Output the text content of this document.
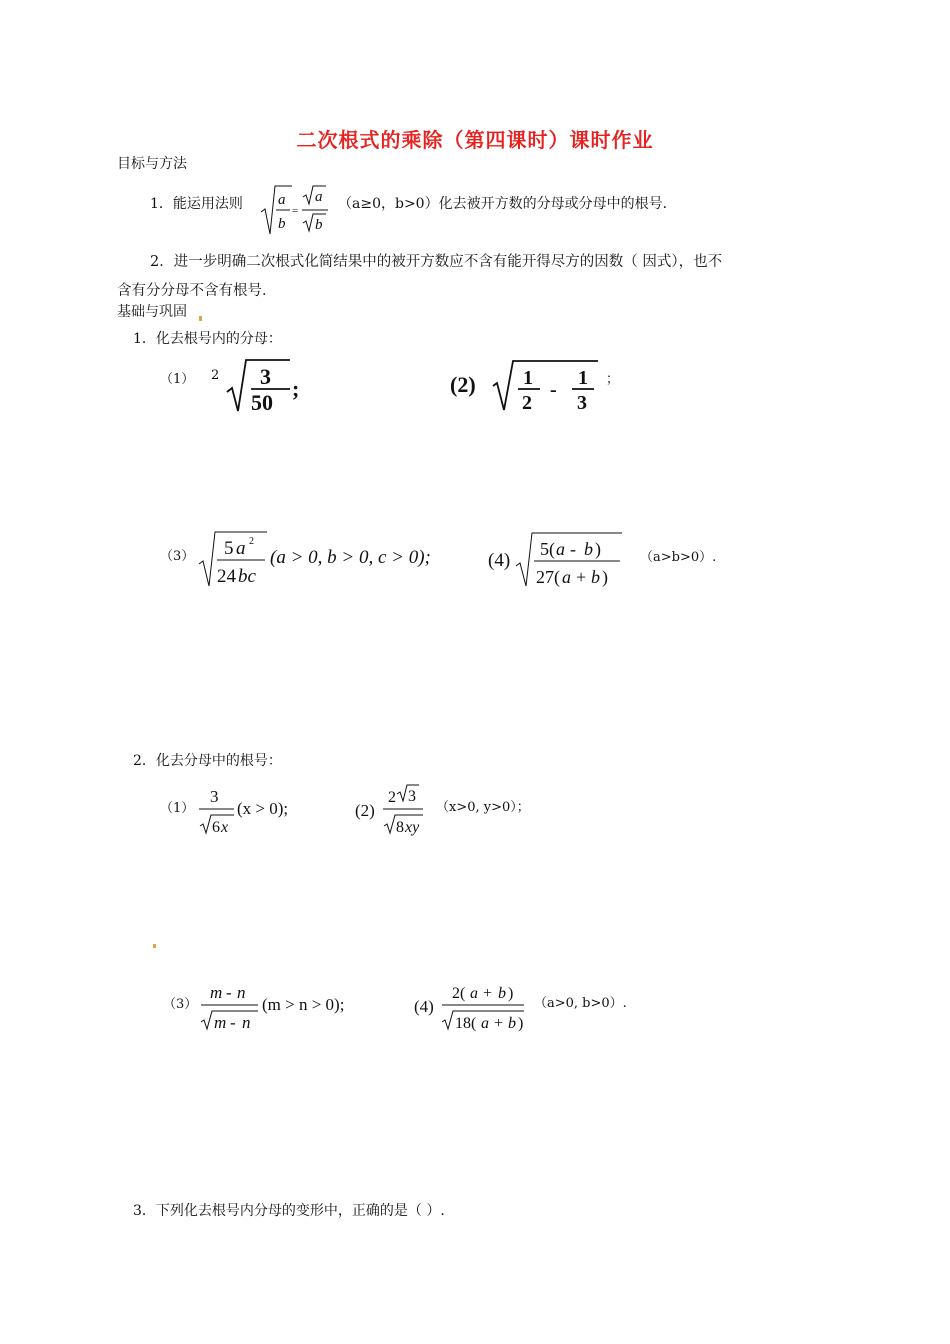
二次根式的乘除（第四课时）课时作业
目标与方法
1．能运用法则 a
b
=
a
b
（a≥0，b>0）化去被开方数的分母或分母中的根号．
2．进一步明确二次根式化简结果中的被开方数应不含有能开得尽方的因数（ 因式），也不
含有分分母不含有根号．
基础与巩固
1．化去根号内的分母：
（1） 2 3
50
;	(2) 1
2
-
1
3
；
（3） 5 a 2
24 bc
(a > 0, b > 0, c > 0);	(4)
5( a - b )
27( a + b )
（a>b>0）.
2．化去分母中的根号：
（1）
3
6 x
(x > 0);	(2)
2 3
8 xy
（x>0, y>0）；
（3）
m - n
m - n
(m > n > 0);	(4)
2( a + b )
18( a + b )
（a>0, b>0）.
3．下列化去根号内分母的变形中，正确的是（ ）.
